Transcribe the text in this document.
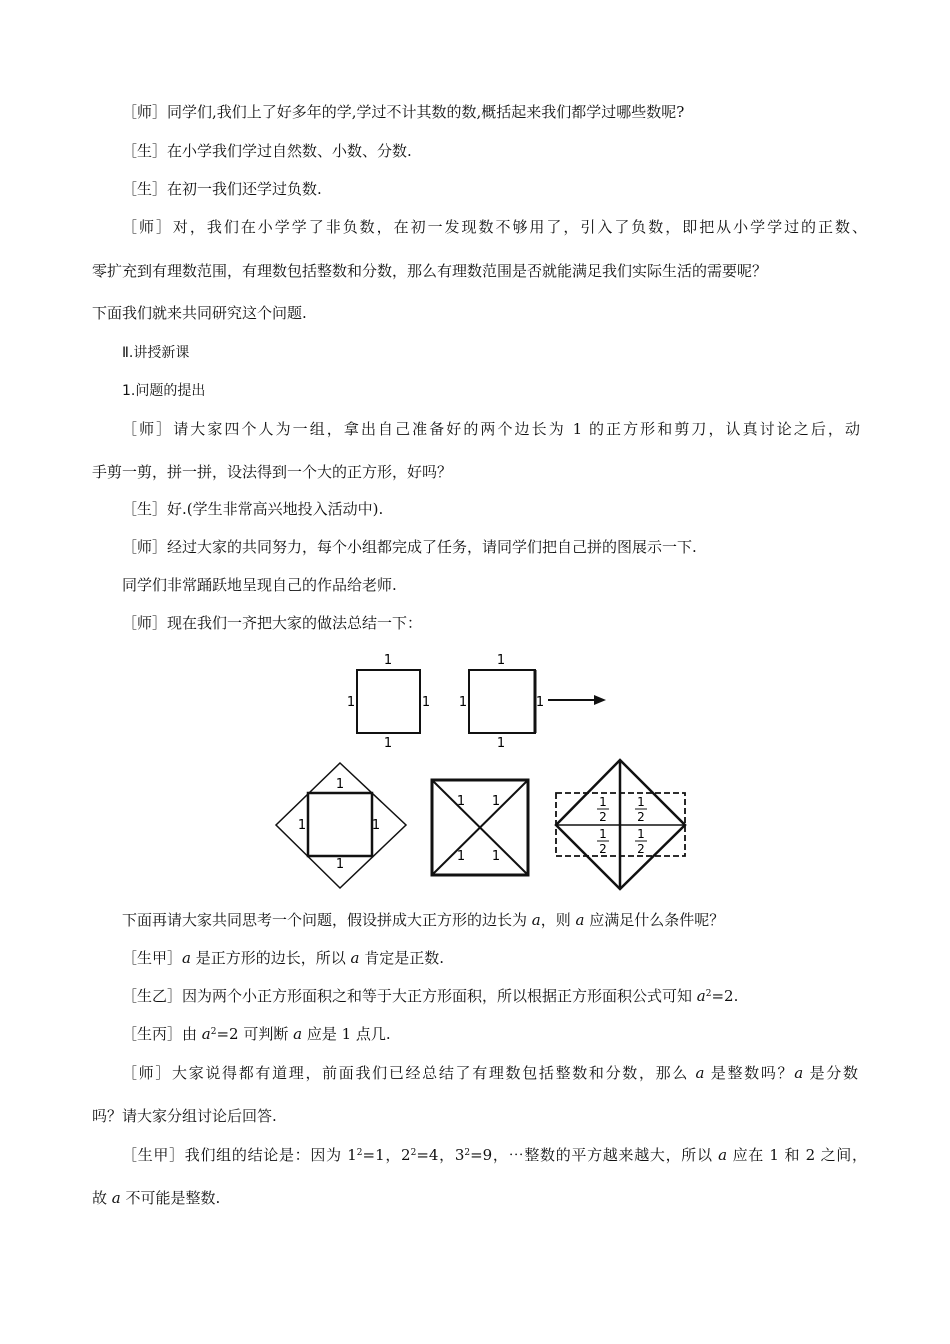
［师］同学们,我们上了好多年的学,学过不计其数的数,概括起来我们都学过哪些数呢?
［生］在小学我们学过自然数、小数、分数.
［生］在初一我们还学过负数.
［师］对，我们在小学学了非负数，在初一发现数不够用了，引入了负数，即把从小学学过的正数、
零扩充到有理数范围，有理数包括整数和分数，那么有理数范围是否就能满足我们实际生活的需要呢？
下面我们就来共同研究这个问题.
Ⅱ.讲授新课
1.问题的提出
［师］请大家四个人为一组，拿出自己准备好的两个边长为 1 的正方形和剪刀，认真讨论之后，动
手剪一剪，拼一拼，设法得到一个大的正方形，好吗？
［生］好.(学生非常高兴地投入活动中).
［师］经过大家的共同努力，每个小组都完成了任务，请同学们把自己拼的图展示一下.
同学们非常踊跃地呈现自己的作品给老师.
［师］现在我们一齐把大家的做法总结一下：
1
1	1
1
1
1	1
1
1
1	1
1
1 1
1 1
1
2
1
2
1
2
1
2
下面再请大家共同思考一个问题，假设拼成大正方形的边长为 a，则 a 应满足什么条件呢？
［生甲］a 是正方形的边长，所以 a 肯定是正数.
［生乙］因为两个小正方形面积之和等于大正方形面积，所以根据正方形面积公式可知 $a^2=2$.
［生丙］由 $a^2=2$ 可判断 a 应是 1 点几.
［师］大家说得都有道理，前面我们已经总结了有理数包括整数和分数，那么 a 是整数吗？a 是分数
吗？请大家分组讨论后回答.
［生甲］我们组的结论是：因为 $1^2=1$，$2^2=4$，$3^2=9$，⋯整数的平方越来越大，所以 a 应在 1 和 2 之间，
故 a 不可能是整数.
